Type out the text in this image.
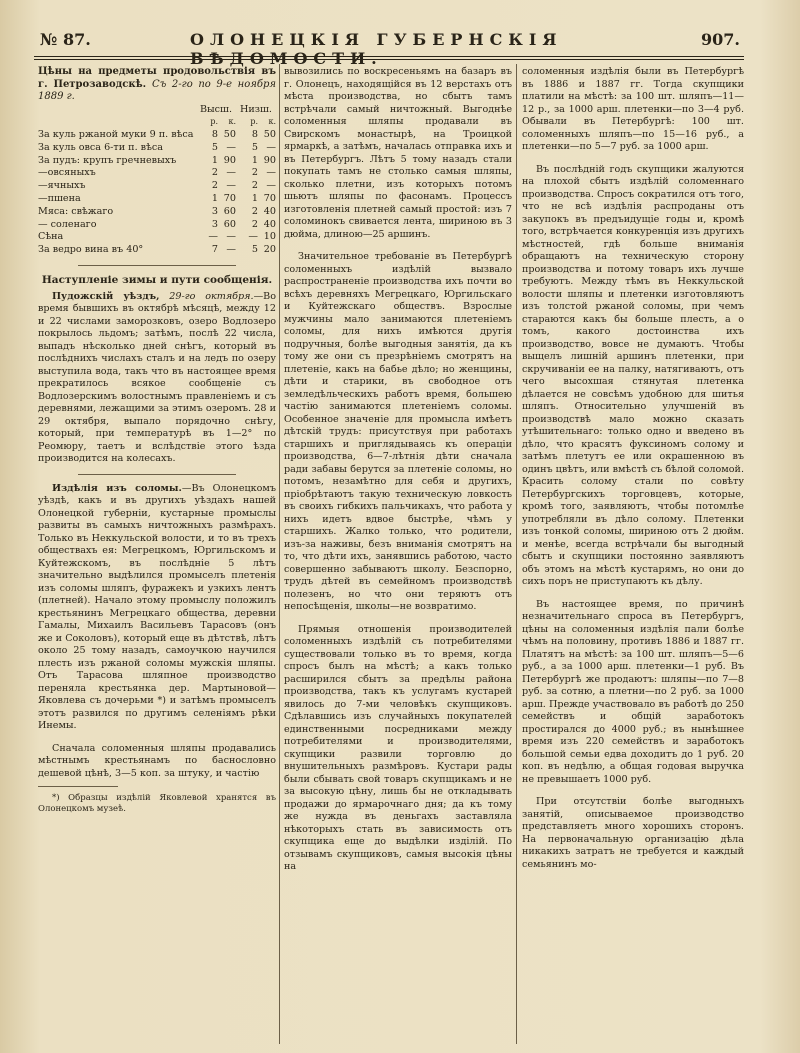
№ 87.	ОЛОНЕЦКІЯ ГУБЕРНСКІЯ ВѢДОМОСТИ.
907.

Цѣны на предметы продовольствія въ г. Петрозаводскѣ. Съ 2-го по 9-е ноября 1889 г.

	Высш.		Низш.	
	р.	к.	р.	к.
За куль ржаной муки 9 п. вѣса	8	50	8	50
За куль овса 6-ти п. вѣса	5	—	5	—
За пудъ: крупъ гречневыхъ	1	90	1	90
—овсяныхъ	2	—	2	—
—ячныхъ	2	—	2	—
—пшена	1	70	1	70
Мяса: свѣжаго	3	60	2	40
— соленаго	3	60	2	40
Сѣна	—	—	—	10
За ведро вина въ 40°	7	—	5	20

Наступленіе зимы и пути сообщенія.

Пудожскій уѣздъ, 29-го октября.—Во время бывшихъ въ октябрѣ мѣсяцѣ, между 12 и 22 числами заморозковъ, озеро Водлозеро покрылось льдомъ; затѣмъ, послѣ 22 числа, выпадъ нѣсколько дней снѣгъ, который въ послѣднихъ числахъ сталъ и на ледъ по озеру выступила вода, такъ что въ настоящее время прекратилось всякое сообщеніе съ Водлозерскимъ волостнымъ правленіемъ и съ деревнями, лежащими за этимъ озеромъ. 28 и 29 октября, выпало порядочно снѣгу, который, при температурѣ въ 1—2° по Реомюру, таетъ и вслѣдствіе этого ѣзда производится на колесахъ.

Издѣлія изъ соломы.—Въ Олонецкомъ уѣздѣ, какъ и въ другихъ уѣздахъ нашей Олонецкой губерніи, кустарные промыслы развиты въ самыхъ ничтожныхъ размѣрахъ. Только въ Неккульской волости, и то въ трехъ обществахъ ея: Мегрецкомъ, Юргильскомъ и Куйтежскомъ, въ послѣдніе 5 лѣтъ значительно выдѣлился промыселъ плетенія изъ соломы шляпъ, фуражекъ и узкихъ лентъ (плетней). Начало этому промыслу положилъ крестьянинъ Мегрецкаго общества, деревни Гамалы, Михаилъ Васильевъ Тарасовъ (онъ же и Соколовъ), который еще въ дѣтствѣ, лѣтъ около 25 тому назадъ, самоучкою научился плесть изъ ржаной соломы мужскія шляпы. Отъ Тарасова шляпное производство переняла крестьянка дер. Мартыновой—Яковлева съ дочерьми *) и затѣмъ промыселъ этотъ развился по другимъ селеніямъ рѣки Инемы.

Сначала соломенныя шляпы продавались мѣстнымъ крестьянамъ по баснословно дешевой цѣнѣ, 3—5 коп. за штуку, и частію

*) Образцы издѣлій Яковлевой хранятся въ Олонецкомъ музеѣ.

вывозились по воскресеньямъ на базаръ въ г. Олонецъ, находящійся въ 12 верстахъ отъ мѣста производства, но сбытъ тамъ встрѣчали самый ничтожный. Выгоднѣе соломенныя шляпы продавали въ Свирскомъ монастырѣ, на Троицкой ярмаркѣ, а затѣмъ, началась отправка ихъ и въ Петербургъ. Лѣтъ 5 тому назадъ стали покупать тамъ не столько самыя шляпы, сколько плетни, изъ которыхъ потомъ шьютъ шляпы по фасонамъ. Процессъ изготовленія плетней самый простой: изъ 7 соломинокъ свивается лента, шириною въ 3 дюйма, длиною—25 аршинъ.

Значительное требованіе въ Петербургѣ соломенныхъ издѣлій вызвало распространеніе производства ихъ почти во всѣхъ деревняхъ Мегрецкаго, Юргильскаго и Куйтежскаго обществъ. Взрослые мужчины мало занимаются плетеніемъ соломы, для нихъ имѣются другія подручныя, болѣе выгодныя занятія, да къ тому же они съ презрѣніемъ смотрятъ на плетеніе, какъ на бабье дѣло; но женщины, дѣти и старики, въ свободное отъ земледѣльческихъ работъ время, большею частію занимаются плетеніемъ соломы. Особенное значеніе для промысла имѣетъ дѣтскій трудъ: присутствуя при работахъ старшихъ и приглядываясь къ операціи производства, 6—7-лѣтнія дѣти сначала ради забавы берутся за плетеніе соломы, но потомъ, незамѣтно для себя и другихъ, пріобрѣтаютъ такую техническую ловкость въ своихъ гибкихъ пальчикахъ, что работа у нихъ идетъ вдвое быстрѣе, чѣмъ у старшихъ. Жалко только, что родители, изъ-за наживы, безъ вниманія смотрятъ на то, что дѣти ихъ, занявшись работою, часто совершенно забываютъ школу. Безспорно, трудъ дѣтей въ семейномъ производствѣ полезенъ, но что они теряютъ отъ непосѣщенія, школы—не возвратимо.

Прямыя отношенія производителей соломенныхъ издѣлій съ потребителями существовали только въ то время, когда спросъ былъ на мѣстѣ; а какъ только расширился сбытъ за предѣлы района производства, такъ къ услугамъ кустарей явилось до 7-ми человѣкъ скупщиковъ. Сдѣлавшись изъ случайныхъ покупателей единственными посредниками между потребителями и производителями, скупщики развили торговлю до внушительныхъ размѣровъ. Кустари рады были сбывать свой товаръ скупщикамъ и не за высокую цѣну, лишь бы не откладывать продажи до ярмарочнаго дня; да къ тому же нужда въ деньгахъ заставляла нѣкоторыхъ стать въ зависимость отъ скупщика еще до выдѣлки изділій. По отзывамъ скупщиковъ, самыя высокія цѣны на

соломенныя издѣлія были въ Петербургѣ въ 1886 и 1887 гг. Тогда скупщики платили на мѣстѣ: за 100 шт. шляпъ—11—12 р., за 1000 арш. плетенки—по 3—4 руб. Обывали въ Петербургѣ: 100 шт. соломенныхъ шляпъ—по 15—16 руб., а плетенки—по 5—7 руб. за 1000 арш.

Въ послѣдній годъ скупщики жалуются на плохой сбытъ издѣлій соломеннаго производства. Спросъ сократился отъ того, что не всѣ издѣлія распроданы отъ закупокъ въ предъидущіе годы и, кромѣ того, встрѣчается конкуренція изъ другихъ мѣстностей, гдѣ больше вниманія обращаютъ на техническую сторону производства и потому товаръ ихъ лучше требуютъ. Между тѣмъ въ Неккульской волости шляпы и плетенки изготовляютъ изъ толстой ржаной соломы, при чемъ стараются какъ бы больше плесть, а о томъ, какого достоинства ихъ производство, вовсе не думаютъ. Чтобы выщелъ лишній аршинъ плетенки, при скручиваніи ее на палку, натягиваютъ, отъ чего высохшая стянутая плетенка дѣлается не совсѣмъ удобною для шитья шляпъ. Относительно улучшеній въ производствѣ мало можно сказать утѣшительнаго: только одно и введено въ дѣло, что красятъ фуксиномъ солому и затѣмъ плетутъ ее или окрашенною въ одинъ цвѣтъ, или вмѣстѣ съ бѣлой соломой. Красить солому стали по совѣту Петербургскихъ торговцевъ, которые, кромѣ того, заявляютъ, чтобы потомлѣе употребляли въ дѣло солому. Плетенки изъ тонкой соломы, шириною отъ 2 дюйм. и менѣе, всегда встрѣчали бы выгодный сбытъ и скупщики постоянно заявляютъ объ этомъ на мѣстѣ кустарямъ, но они до сихъ поръ не приступаютъ къ дѣлу.

Въ настоящее время, по причинѣ незначительнаго спроса въ Петербургъ, цѣны на соломенныя издѣлія пали болѣе чѣмъ на половину, противъ 1886 и 1887 гг. Платятъ на мѣстѣ: за 100 шт. шляпъ—5—6 руб., а за 1000 арш. плетенки—1 руб. Въ Петербургѣ же продаютъ: шляпы—по 7—8 руб. за сотню, а плетни—по 2 руб. за 1000 арш. Прежде участвовало въ работѣ до 250 семействъ и общій заработокъ простирался до 4000 руб.; въ нынѣшнее время изъ 220 семействъ и заработокъ большой семьи едва доходитъ до 1 руб. 20 коп. въ недѣлю, а общая годовая выручка не превышаетъ 1000 руб.

При отсутствіи болѣе выгодныхъ занятій, описываемое производство представляетъ много хорошихъ сторонъ. На первоначальную организацію дѣла никакихъ затратъ не требуется и каждый семьянинъ мо-
